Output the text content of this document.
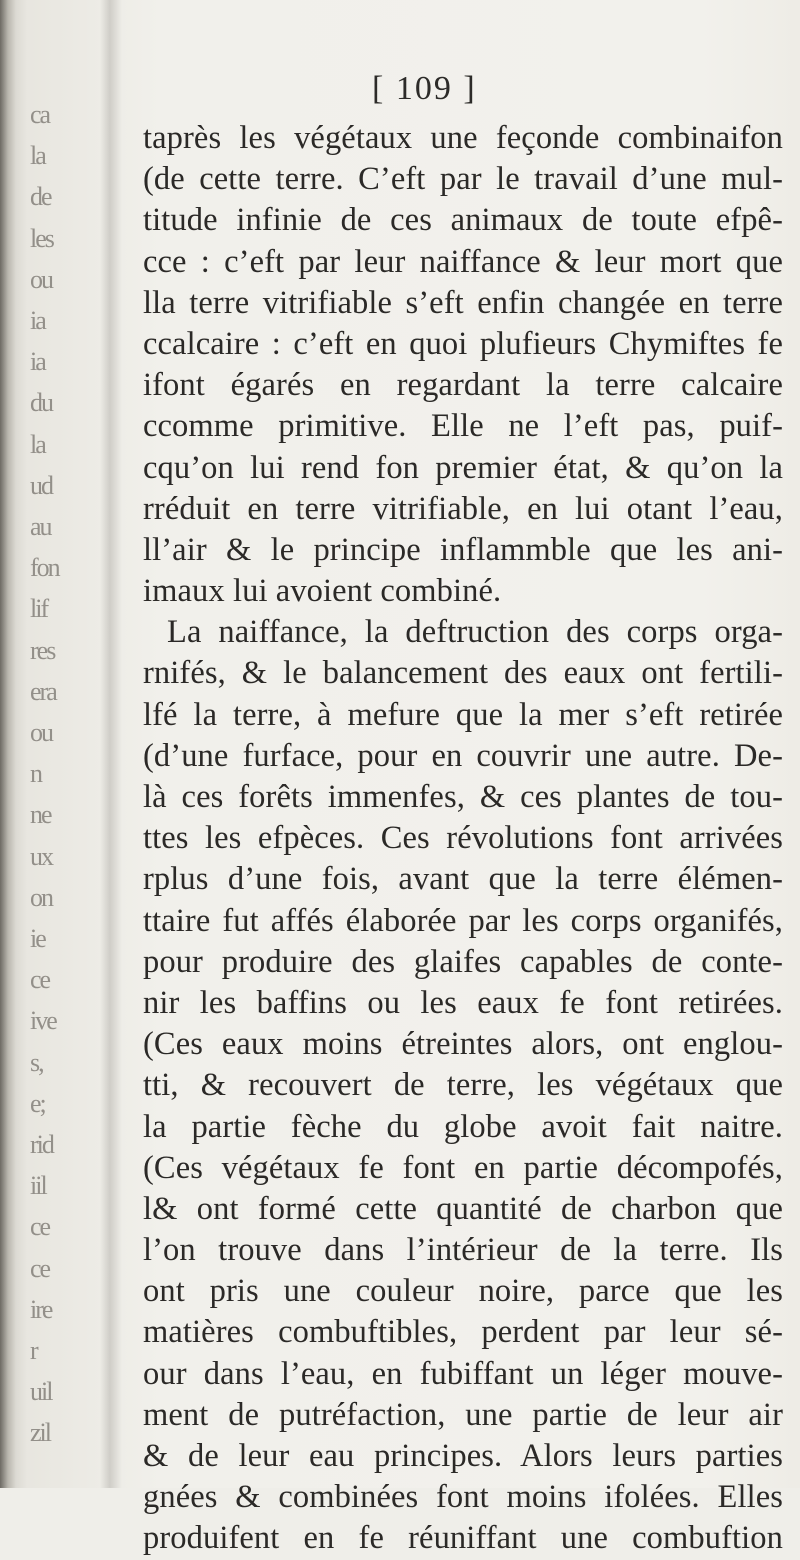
ca
la
de
les
ou
ia
ia
du
la
ud
au
fon
lif
res
era
ou
n
ne
ux
on
ie
ce
ive
s,
e;
rid
iil
ce
ce
ire
r
uil
zil
[ 109 ]
taprès les végétaux une feçonde combinaifon
(de cette terre. C’eft par le travail d’une mul-
titude infinie de ces animaux de toute efpê-
cce : c’eft par leur naiffance & leur mort que
lla terre vitrifiable s’eft enfin changée en terre
ccalcaire : c’eft en quoi plufieurs Chymiftes fe
ifont égarés en regardant la terre calcaire
ccomme primitive. Elle ne l’eft pas, puif-
cqu’on lui rend fon premier état, & qu’on la
rréduit en terre vitrifiable, en lui otant l’eau,
ll’air & le principe inflammble que les ani-
imaux lui avoient combiné.
La naiffance, la deftruction des corps orga-
rnifés, & le balancement des eaux ont fertili-
lfé la terre, à mefure que la mer s’eft retirée
(d’une furface, pour en couvrir une autre. De-
là ces forêts immenfes, & ces plantes de tou-
ttes les efpèces. Ces révolutions font arrivées
rplus d’une fois, avant que la terre élémen-
ttaire fut affés élaborée par les corps organifés,
pour produire des glaifes capables de conte-
nir les baffins ou les eaux fe font retirées.
(Ces eaux moins étreintes alors, ont englou-
tti, & recouvert de terre, les végétaux que
la partie fèche du globe avoit fait naitre.
(Ces végétaux fe font en partie décompofés,
l& ont formé cette quantité de charbon que
l’on trouve dans l’intérieur de la terre. Ils
ont pris une couleur noire, parce que les
matières combuftibles, perdent par leur sé-
our dans l’eau, en fubiffant un léger mouve-
ment de putréfaction, une partie de leur air
& de leur eau principes. Alors leurs parties
gnées & combinées font moins ifolées. Elles
produifent en fe réuniffant une combuftion
